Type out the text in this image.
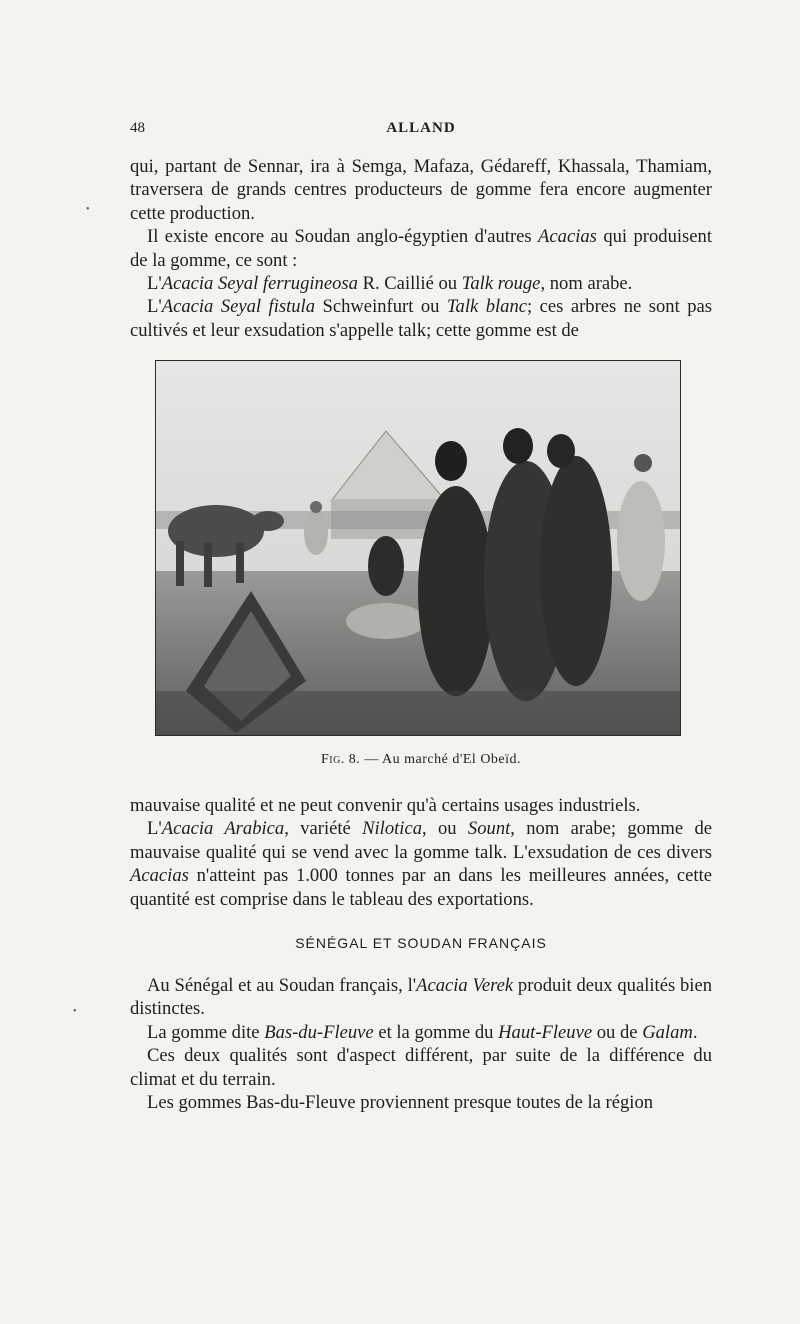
48	ALLAND
•
•

qui, partant de Sennar, ira à Semga, Mafaza, Gédareff, Khassala, Thamiam, traversera de grands centres producteurs de gomme fera encore augmenter cette production.

Il existe encore au Soudan anglo-égyptien d'autres Acacias qui produisent de la gomme, ce sont :

L'Acacia Seyal ferrugineosa R. Caillié ou Talk rouge, nom arabe.

L'Acacia Seyal fistula Schweinfurt ou Talk blanc; ces arbres ne sont pas cultivés et leur exsudation s'appelle talk; cette gomme est de

Fig. 8. — Au marché d'El Obeïd.

mauvaise qualité et ne peut convenir qu'à certains usages industriels.

L'Acacia Arabica, variété Nilotica, ou Sount, nom arabe; gomme de mauvaise qualité qui se vend avec la gomme talk. L'exsudation de ces divers Acacias n'atteint pas 1.000 tonnes par an dans les meilleures années, cette quantité est comprise dans le tableau des exportations.

SÉNÉGAL ET SOUDAN FRANÇAIS

Au Sénégal et au Soudan français, l'Acacia Verek produit deux qualités bien distinctes.

La gomme dite Bas-du-Fleuve et la gomme du Haut-Fleuve ou de Galam.

Ces deux qualités sont d'aspect différent, par suite de la différence du climat et du terrain.

Les gommes Bas-du-Fleuve proviennent presque toutes de la région
